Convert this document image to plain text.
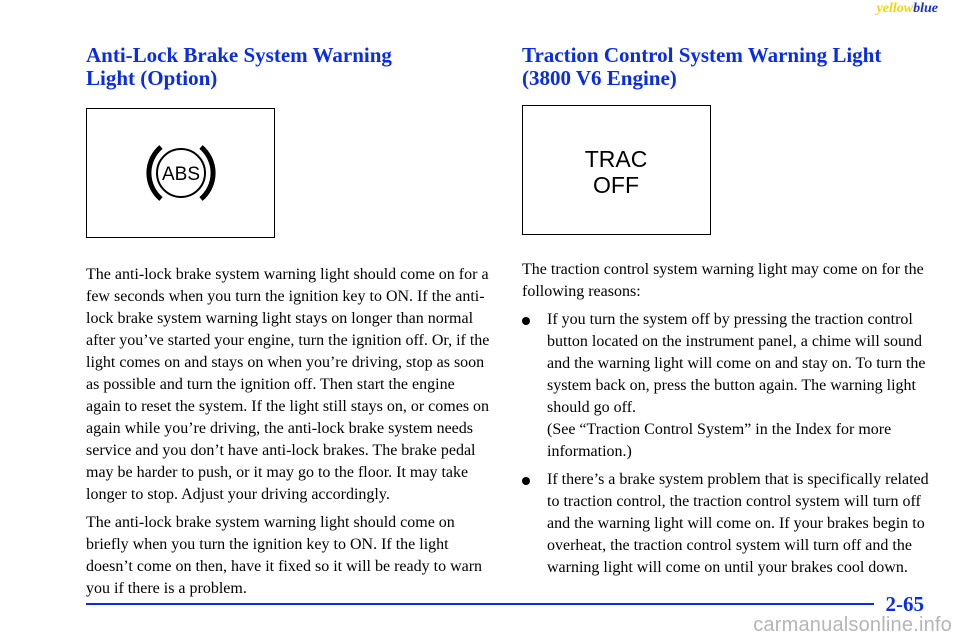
yellowblue
Anti-Lock Brake System Warning
Light (Option)
ABS

The anti-lock brake system warning light should come on for a few seconds when you turn the ignition key to ON. If the anti-lock brake system warning light stays on longer than normal after you’ve started your engine, turn the ignition off. Or, if the light comes on and stays on when you’re driving, stop as soon as possible and turn the ignition off. Then start the engine again to reset the system. If the light still stays on, or comes on again while you’re driving, the anti-lock brake system needs service and you don’t have anti-lock brakes. The brake pedal may be harder to push, or it may go to the floor. It may take longer to stop. Adjust your driving accordingly.

The anti-lock brake system warning light should come on briefly when you turn the ignition key to ON. If the light doesn’t come on then, have it fixed so it will be ready to warn you if there is a problem.

Traction Control System Warning Light
(3800 V6 Engine)
TRAC
OFF

The traction control system warning light may come on for the following reasons:

If you turn the system off by pressing the traction control button located on the instrument panel, a chime will sound and the warning light will come on and stay on. To turn the system back on, press the button again. The warning light should go off.
(See “Traction Control System” in the Index for more information.)
If there’s a brake system problem that is specifically related to traction control, the traction control system will turn off and the warning light will come on. If your brakes begin to overheat, the traction control system will turn off and the warning light will come on until your brakes cool down.
2-65
carmanualsonline.info
